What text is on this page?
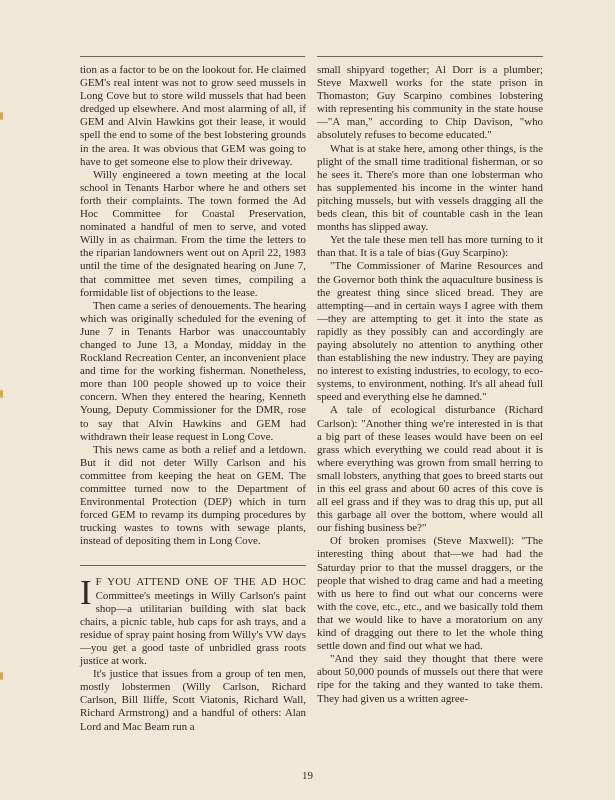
tion as a factor to be on the lookout for. He claimed GEM's real intent was not to grow seed mussels in Long Cove but to store wild mussels that had been dredged up elsewhere. And most alarming of all, if GEM and Alvin Hawkins got their lease, it would spell the end to some of the best lobstering grounds in the area. It was obvious that GEM was going to have to get someone else to plow their driveway.

Willy engineered a town meeting at the local school in Tenants Harbor where he and others set forth their complaints. The town formed the Ad Hoc Committee for Coastal Preservation, nominated a handful of men to serve, and voted Willy in as chairman. From the time the letters to the riparian landowners went out on April 22, 1983 until the time of the designated hearing on June 7, that committee met seven times, compiling a formidable list of objections to the lease.

Then came a series of denouements. The hearing which was originally scheduled for the evening of June 7 in Tenants Harbor was unaccountably changed to June 13, a Monday, midday in the Rockland Recreation Center, an inconvenient place and time for the working fisherman. Nonetheless, more than 100 people showed up to voice their concern. When they entered the hearing, Kenneth Young, Deputy Commissioner for the DMR, rose to say that Alvin Hawkins and GEM had withdrawn their lease request in Long Cove.

This news came as both a relief and a letdown. But it did not deter Willy Carlson and his committee from keeping the heat on GEM. The committee turned now to the Department of Environmental Protection (DEP) which in turn forced GEM to revamp its dumping procedures by trucking wastes to towns with sewage plants, instead of depositing them in Long Cove.

I F YOU ATTEND ONE OF THE AD HOC Committee's meetings in Willy Carlson's paint shop—a utilitarian building with slat back chairs, a picnic table, hub caps for ash trays, and a residue of spray paint hosing from Willy's VW days—you get a good taste of unbridled grass roots justice at work.

It's justice that issues from a group of ten men, mostly lobstermen (Willy Carlson, Richard Carlson, Bill Iliffe, Scott Viatonis, Richard Wall, Richard Armstrong) and a handful of others: Alan Lord and Mac Beam run a

small shipyard together; Al Dorr is a plumber; Steve Maxwell works for the state prison in Thomaston; Guy Scarpino combines lobstering with representing his community in the state house—"A man," according to Chip Davison, "who absolutely refuses to become educated."

What is at stake here, among other things, is the plight of the small time traditional fisherman, or so he sees it. There's more than one lobsterman who has supplemented his income in the winter hand pitching mussels, but with vessels dragging all the beds clean, this bit of countable cash in the lean months has slipped away.

Yet the tale these men tell has more turning to it than that. It is a tale of bias (Guy Scarpino):

"The Commissioner of Marine Resources and the Governor both think the aquaculture business is the greatest thing since sliced bread. They are attempting—and in certain ways I agree with them—they are attempting to get it into the state as rapidly as they possibly can and accordingly are paying absolutely no attention to anything other than establishing the new industry. They are paying no interest to existing industries, to ecology, to eco-systems, to environment, nothing. It's all ahead full speed and everything else he damned."

A tale of ecological disturbance (Richard Carlson): "Another thing we're interested in is that a big part of these leases would have been on eel grass which everything we could read about it is where everything was grown from small herring to small lobsters, anything that goes to breed starts out in this eel grass and about 60 acres of this cove is all eel grass and if they was to drag this up, put all this garbage all over the bottom, where would all our fishing business be?"

Of broken promises (Steve Maxwell): "The interesting thing about that—we had had the Saturday prior to that the mussel draggers, or the people that wished to drag came and had a meeting with us here to find out what our concerns were with the cove, etc., etc., and we basically told them that we would like to have a moratorium on any kind of dragging out there to let the whole thing settle down and find out what we had.

"And they said they thought that there were about 50,000 pounds of mussels out there that were ripe for the taking and they wanted to take them. They had given us a written agree-

19
